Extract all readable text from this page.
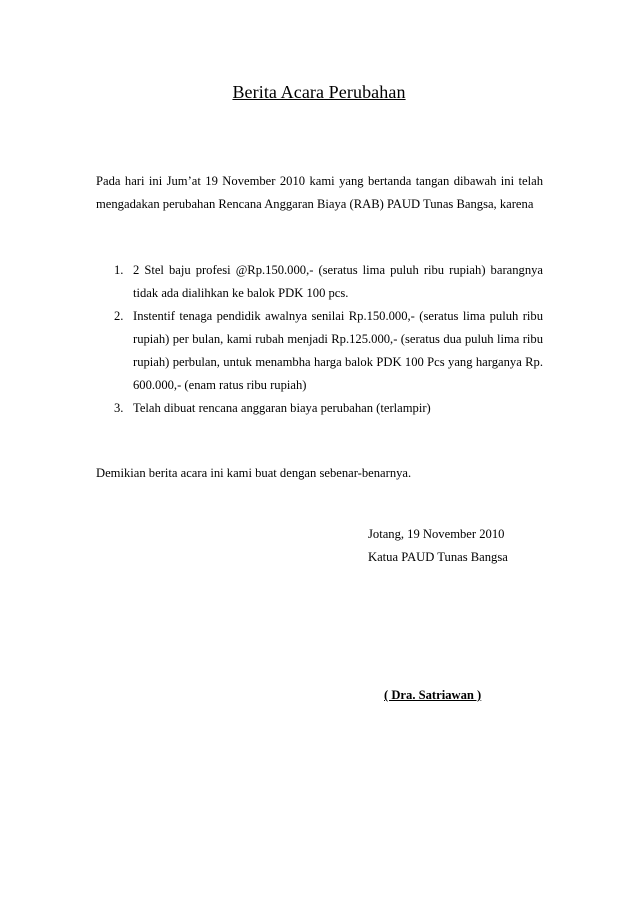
Berita Acara Perubahan
Pada hari ini Jum’at 19 November 2010 kami yang bertanda tangan dibawah ini telah mengadakan perubahan Rencana Anggaran Biaya (RAB) PAUD Tunas Bangsa, karena
1. 2 Stel baju profesi @Rp.150.000,- (seratus lima puluh ribu rupiah) barangnya tidak ada dialihkan ke balok PDK 100 pcs.
2. Instentif tenaga pendidik awalnya senilai Rp.150.000,- (seratus lima puluh ribu rupiah) per bulan, kami rubah menjadi Rp.125.000,- (seratus dua puluh lima ribu rupiah) perbulan, untuk menambha harga balok PDK 100 Pcs yang harganya Rp. 600.000,- (enam ratus ribu rupiah)
3. Telah dibuat rencana anggaran biaya perubahan (terlampir)
Demikian berita acara ini kami buat dengan sebenar-benarnya.
Jotang, 19 November 2010
Katua PAUD Tunas Bangsa
( Dra. Satriawan )
